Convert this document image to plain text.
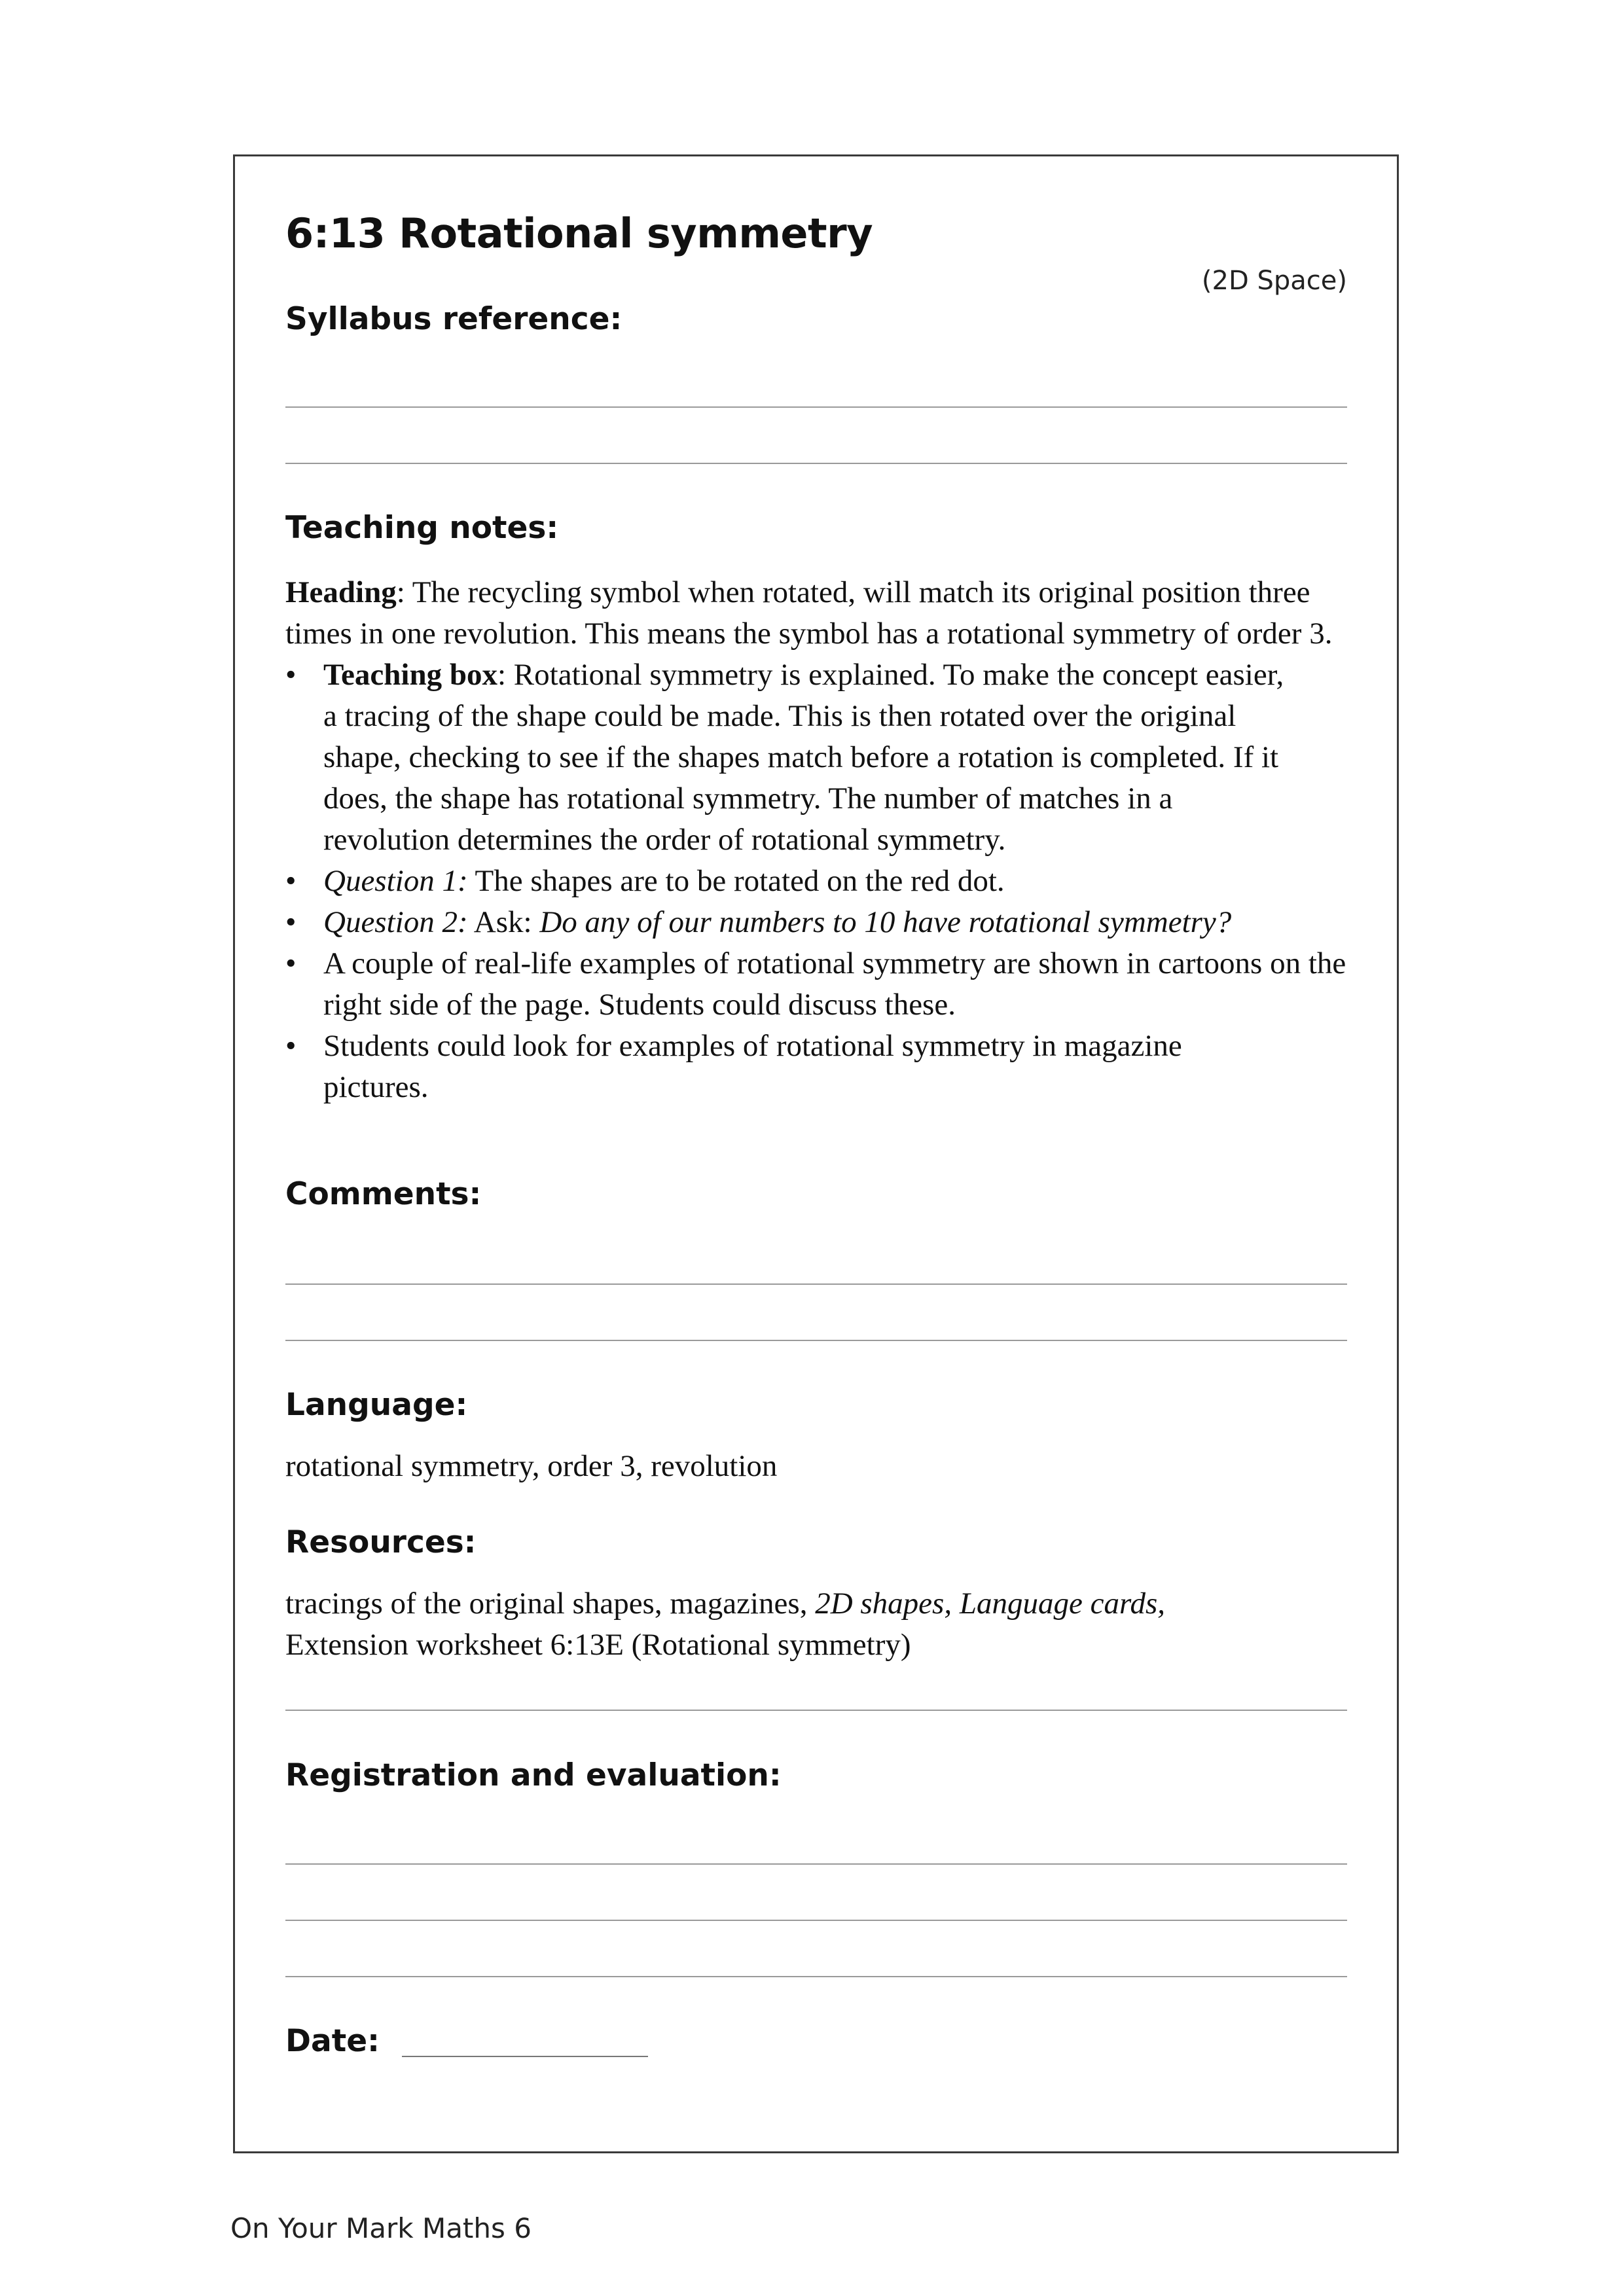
6:13 Rotational symmetry
(2D Space)
Syllabus reference:
Teaching notes:

Heading: The recycling symbol when rotated, will match its original position three times in one revolution. This means the symbol has a rotational symmetry of order 3.

• Teaching box: Rotational symmetry is explained. To make the concept easier, a tracing of the shape could be made. This is then rotated over the original shape, checking to see if the shapes match before a rotation is completed. If it does, the shape has rotational symmetry. The number of matches in a revolution determines the order of rotational symmetry.
• Question 1: The shapes are to be rotated on the red dot.
• Question 2: Ask: Do any of our numbers to 10 have rotational symmetry?
• A couple of real-life examples of rotational symmetry are shown in cartoons on the right side of the page. Students could discuss these.
• Students could look for examples of rotational symmetry in magazine pictures.
Comments:
Language:

rotational symmetry, order 3, revolution

Resources:

tracings of the original shapes, magazines, 2D shapes, Language cards,
Extension worksheet 6:13E (Rotational symmetry)

Registration and evaluation:
Date:
On Your Mark Maths 6
